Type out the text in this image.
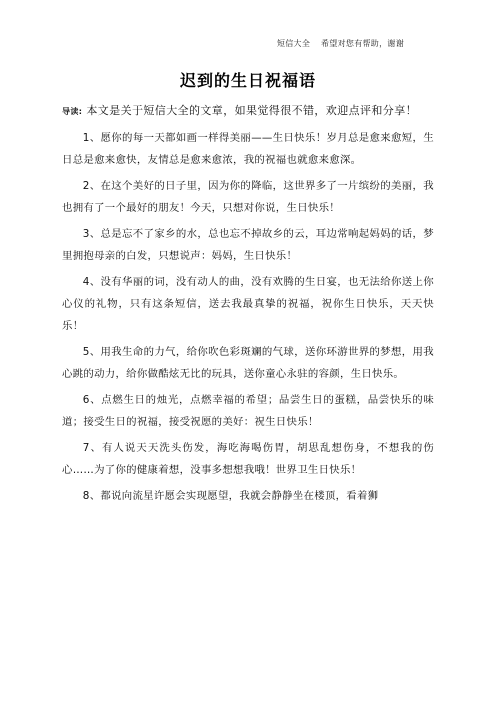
短信大全 希望对您有帮助，谢谢
迟到的生日祝福语

导读: 本文是关于短信大全的文章，如果觉得很不错，欢迎点评和分享！

1、愿你的每一天都如画一样得美丽——生日快乐！岁月总是愈来愈短，生日总是愈来愈快，友情总是愈来愈浓，我的祝福也就愈来愈深。

2、在这个美好的日子里，因为你的降临，这世界多了一片缤纷的美丽，我也拥有了一个最好的朋友！今天，只想对你说，生日快乐！

3、总是忘不了家乡的水，总也忘不掉故乡的云，耳边常响起妈妈的话，梦里拥抱母亲的白发，只想说声：妈妈，生日快乐！

4、没有华丽的词，没有动人的曲，没有欢腾的生日宴，也无法给你送上你心仪的礼物，只有这条短信，送去我最真挚的祝福，祝你生日快乐，天天快乐！

5、用我生命的力气，给你吹色彩斑斓的气球，送你环游世界的梦想，用我心跳的动力，给你做酷炫无比的玩具，送你童心永驻的容颜，生日快乐。

6、点燃生日的烛光，点燃幸福的希望；品尝生日的蛋糕，品尝快乐的味道；接受生日的祝福，接受祝愿的美好：祝生日快乐！

7、有人说天天洗头伤发，海吃海喝伤胃，胡思乱想伤身，不想我的伤心……为了你的健康着想，没事多想想我哦！世界卫生日快乐！

8、都说向流星许愿会实现愿望，我就会静静坐在楼顶，看着狮
